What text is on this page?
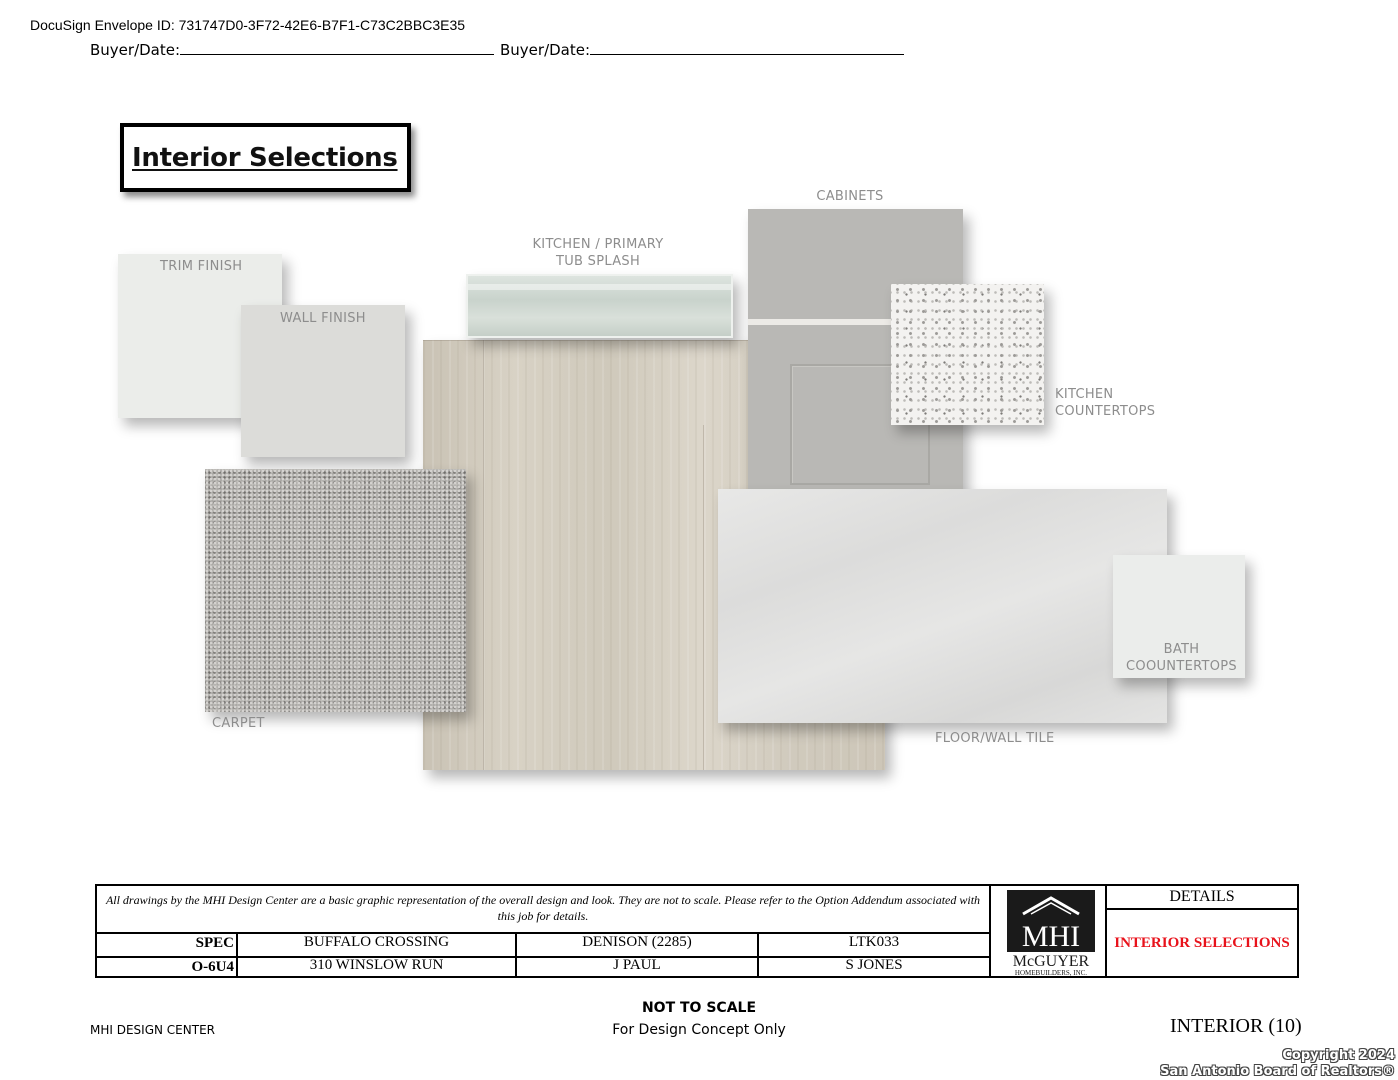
DocuSign Envelope ID: 731747D0-3F72-42E6-B7F1-C73C2BBC3E35
Buyer/Date:	Buyer/Date:
Interior Selections
TRIM FINISH
WALL FINISH
KITCHEN / PRIMARY
TUB SPLASH
CABINETS
CARPET
FLOOR/WALL TILE
KITCHEN
COUNTERTOPS
BATH
COOUNTERTOPS
All drawings by the MHI Design Center are a basic graphic representation of the overall design and look. They are not to scale. Please refer to the Option Addendum associated with this job for details.
SPEC	BUFFALO CROSSING	DENISON (2285)	LTK033
O-6U4	310 WINSLOW RUN	J PAUL	S JONES
MHI
McGUYER
HOMEBUILDERS, INC.
DETAILS
INTERIOR SELECTIONS
MHI DESIGN CENTER
NOT TO SCALE
For Design Concept Only	INTERIOR (10)
Copyright 2024
San Antonio Board of Realtors®
